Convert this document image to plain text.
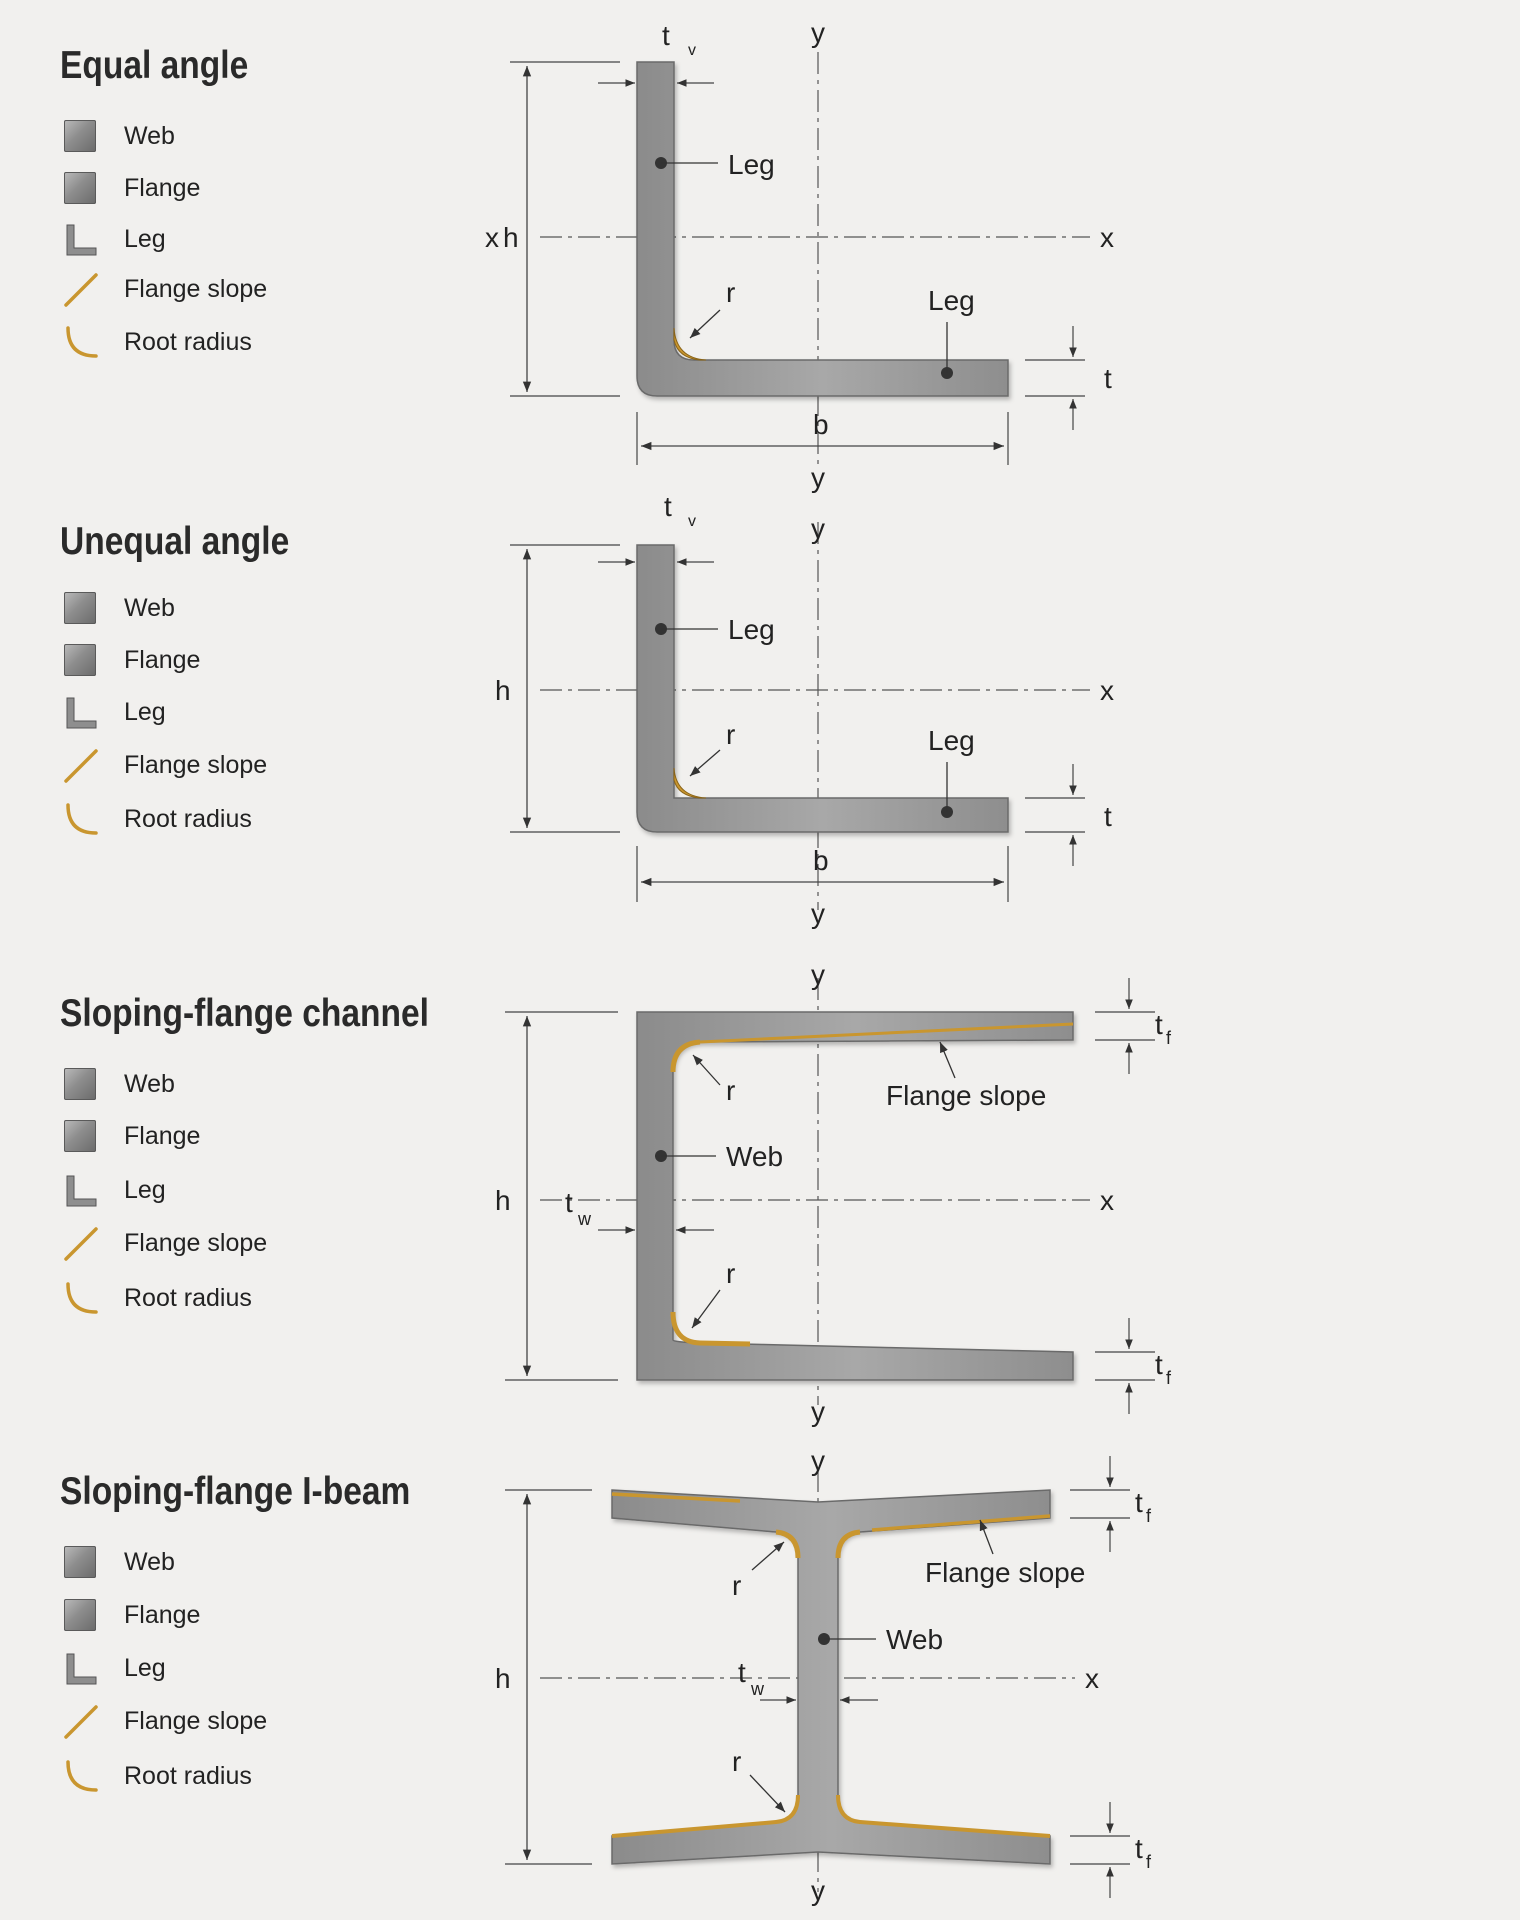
Equal angle
Web
Flange
Leg
Flange slope
Root radius
h
x	x
t v
y
Leg
r	Leg
t
b
y
Unequal angle
Web
Flange
Leg
Flange slope
Root radius
h	x
t v	y
Leg
r	Leg
t
b
y
Sloping-flange channel
Web
Flange
Leg
Flange slope
Root radius
h	x
y
t f
r	Flange slope
Web
t
w
r
t f
y
Sloping-flange I-beam
Web
Flange
Leg
Flange slope
Root radius
h	x
y
t f
r	Flange slope
Web
t
w
r
t f
y
